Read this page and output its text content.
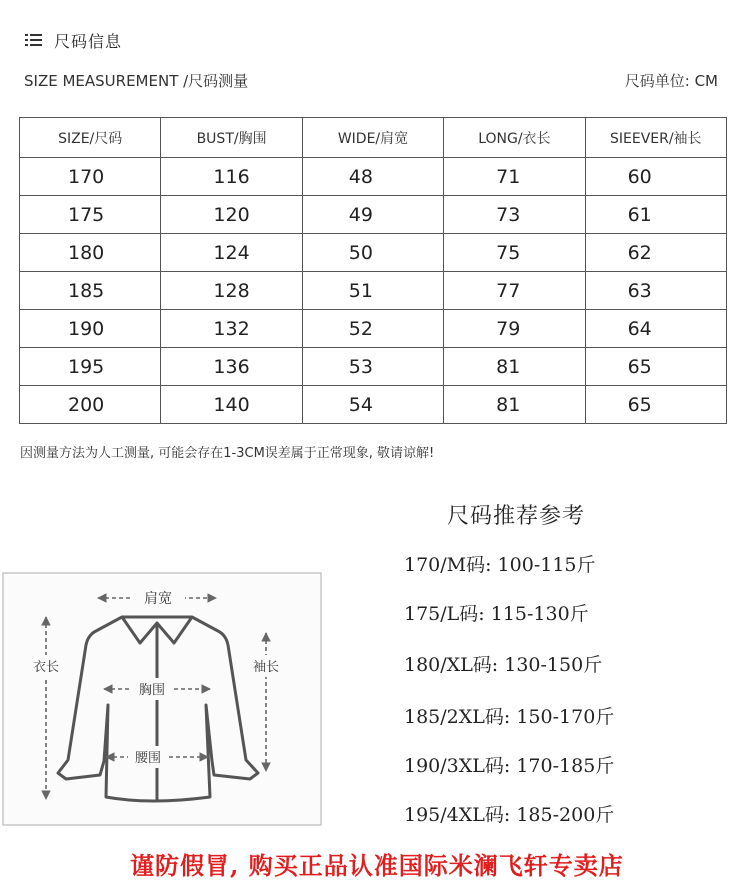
尺码信息
SIZE MEASUREMENT /尺码测量	尺码单位: CM
SIZE/尺码	BUST/胸围	WIDE/肩宽	LONG/衣长	SIEEVER/袖长
170	116	48	71	60
175	120	49	73	61
180	124	50	75	62
185	128	51	77	63
190	132	52	79	64
195	136	53	81	65
200	140	54	81	65
因测量方法为人工测量, 可能会存在1-3CM误差属于正常现象, 敬请谅解!
肩宽
衣长	袖长
胸围
腰围
尺码推荐参考
170/M码: 100-115斤
175/L码: 115-130斤
180/XL码: 130-150斤
185/2XL码: 150-170斤
190/3XL码: 170-185斤
195/4XL码: 185-200斤
谨防假冒, 购买正品认准国际米澜飞轩专卖店
